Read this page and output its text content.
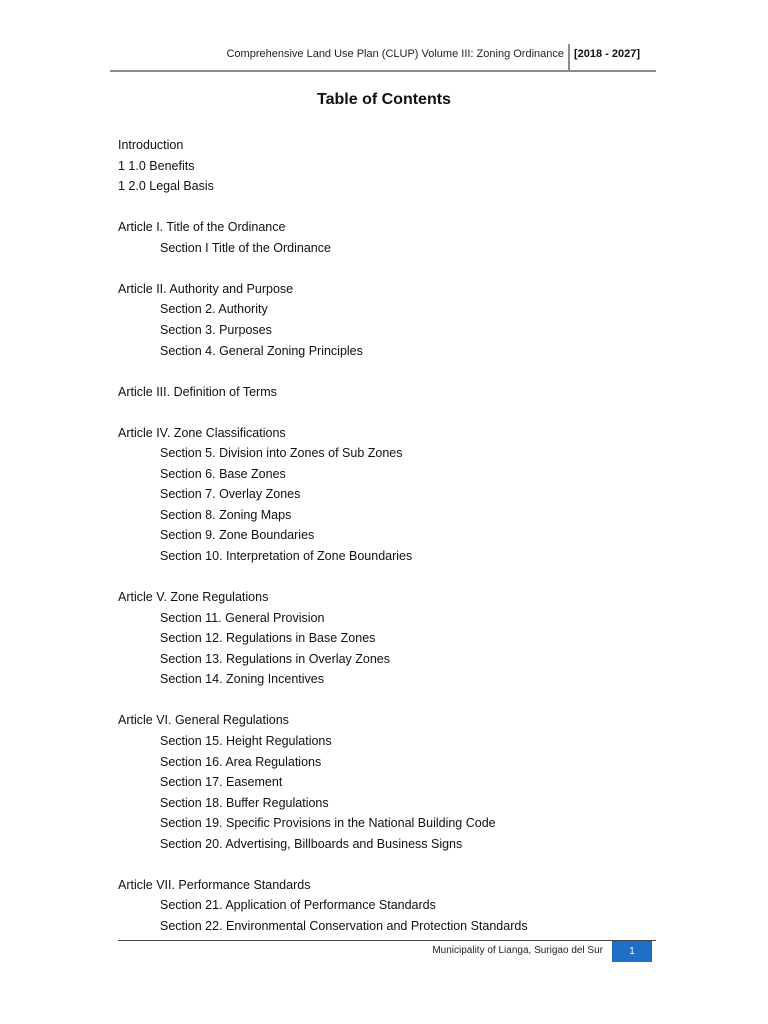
Comprehensive Land Use Plan (CLUP) Volume III: Zoning Ordinance [2018 - 2027]
Table of Contents
Introduction
1 1.0 Benefits
1 2.0 Legal Basis
Article I. Title of the Ordinance
Section I Title of the Ordinance
Article II. Authority and Purpose
Section 2. Authority
Section 3. Purposes
Section 4. General Zoning Principles
Article III. Definition of Terms
Article IV. Zone Classifications
Section 5. Division into Zones of Sub Zones
Section 6. Base Zones
Section 7. Overlay Zones
Section 8. Zoning Maps
Section 9. Zone Boundaries
Section 10. Interpretation of Zone Boundaries
Article V. Zone Regulations
Section 11. General Provision
Section 12. Regulations in Base Zones
Section 13. Regulations in Overlay Zones
Section 14. Zoning Incentives
Article VI. General Regulations
Section 15. Height Regulations
Section 16. Area Regulations
Section 17. Easement
Section 18. Buffer Regulations
Section 19. Specific Provisions in the National Building Code
Section 20. Advertising, Billboards and Business Signs
Article VII. Performance Standards
Section 21. Application of Performance Standards
Section 22. Environmental Conservation and Protection Standards
Municipality of Lianga, Surigao del Sur	1
